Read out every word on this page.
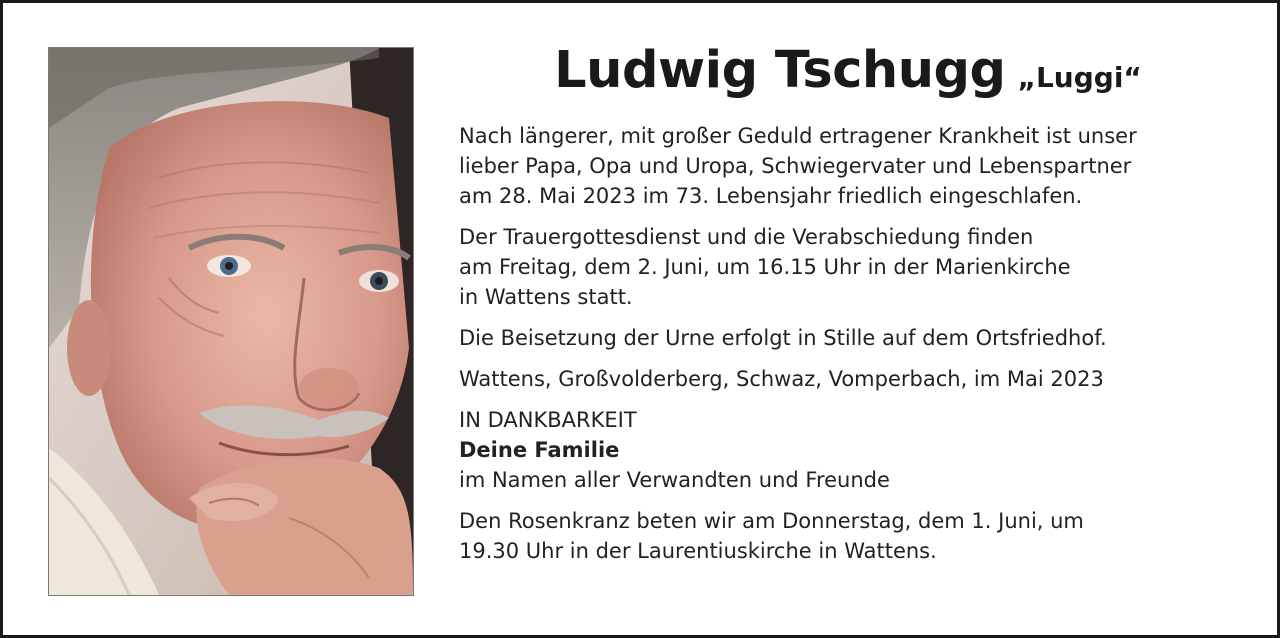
Ludwig Tschugg „Luggi“

Nach längerer, mit großer Geduld ertragener Krankheit ist unser
lieber Papa, Opa und Uropa, Schwiegervater und Lebenspartner
am 28. Mai 2023 im 73. Lebensjahr friedlich eingeschlafen.

Der Trauergottesdienst und die Verabschiedung finden
am Freitag, dem 2. Juni, um 16.15 Uhr in der Marienkirche
in Wattens statt.

Die Beisetzung der Urne erfolgt in Stille auf dem Ortsfriedhof.

Wattens, Großvolderberg, Schwaz, Vomperbach, im Mai 2023

IN DANKBARKEIT
Deine Familie
im Namen aller Verwandten und Freunde

Den Rosenkranz beten wir am Donnerstag, dem 1. Juni, um
19.30 Uhr in der Laurentiuskirche in Wattens.
